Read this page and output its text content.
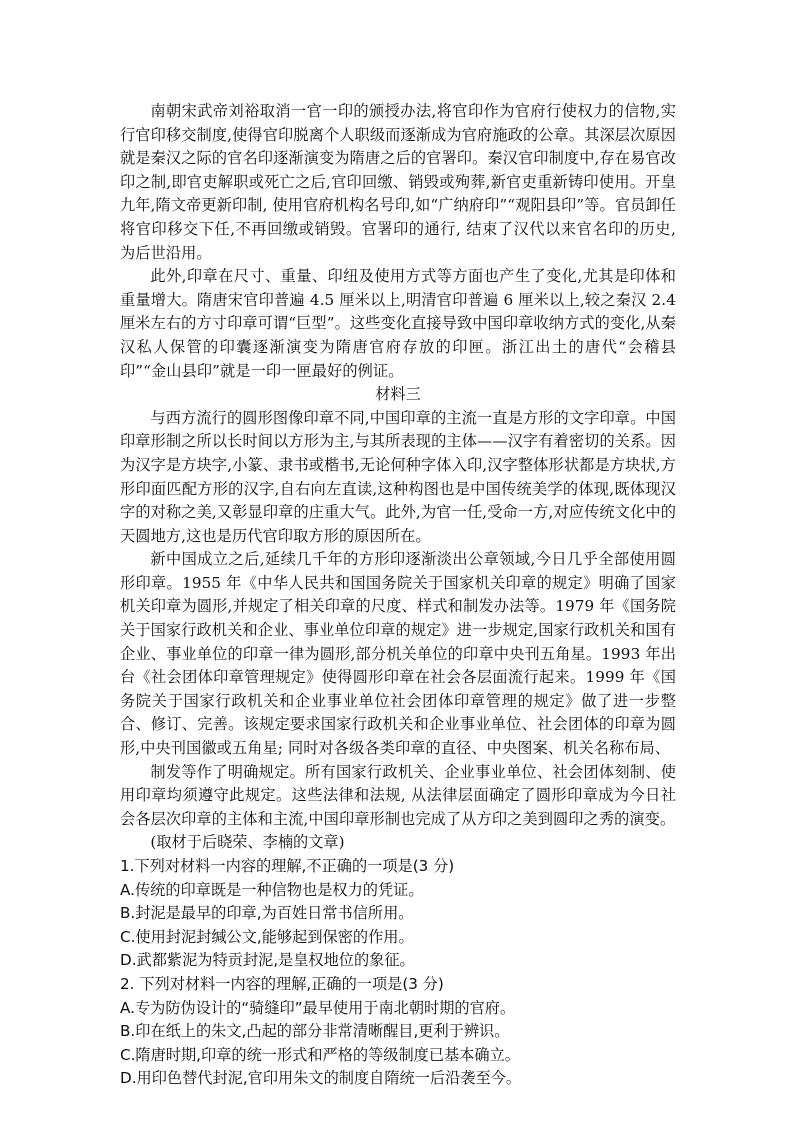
南朝宋武帝刘裕取消一官一印的颁授办法,将官印作为官府行使权力的信物,实行官印移交制度,使得官印脱离个人职级而逐渐成为官府施政的公章。其深层次原因就是秦汉之际的官名印逐渐演变为隋唐之后的官署印。秦汉官印制度中,存在易官改印之制,即官吏解职或死亡之后,官印回缴、销毁或殉葬,新官吏重新铸印使用。开皇九年,隋文帝更新印制, 使用官府机构名号印,如“广纳府印”“观阳县印”等。官员卸任将官印移交下任,不再回缴或销毁。官署印的通行, 结束了汉代以来官名印的历史, 为后世沿用。

此外,印章在尺寸、重量、印纽及使用方式等方面也产生了变化,尤其是印体和重量增大。隋唐宋官印普遍 4.5 厘米以上,明清官印普遍 6 厘米以上,较之秦汉 2.4 厘米左右的方寸印章可谓“巨型”。这些变化直接导致中国印章收纳方式的变化,从秦汉私人保管的印囊逐渐演变为隋唐官府存放的印匣。浙江出土的唐代“会稽县印”“金山县印”就是一印一匣最好的例证。

材料三

与西方流行的圆形图像印章不同,中国印章的主流一直是方形的文字印章。中国印章形制之所以长时间以方形为主,与其所表现的主体——汉字有着密切的关系。因为汉字是方块字,小篆、隶书或楷书,无论何种字体入印,汉字整体形状都是方块状,方形印面匹配方形的汉字,自右向左直读,这种构图也是中国传统美学的体现,既体现汉字的对称之美,又彰显印章的庄重大气。此外,为官一任,受命一方,对应传统文化中的天圆地方,这也是历代官印取方形的原因所在。

新中国成立之后,延续几千年的方形印逐渐淡出公章领域,今日几乎全部使用圆形印章。1955 年《中华人民共和国国务院关于国家机关印章的规定》明确了国家机关印章为圆形,并规定了相关印章的尺度、样式和制发办法等。1979 年《国务院关于国家行政机关和企业、事业单位印章的规定》进一步规定,国家行政机关和国有企业、事业单位的印章一律为圆形,部分机关单位的印章中央刊五角星。1993 年出台《社会团体印章管理规定》使得圆形印章在社会各层面流行起来。1999 年《国务院关于国家行政机关和企业事业单位社会团体印章管理的规定》做了进一步整合、修订、完善。该规定要求国家行政机关和企业事业单位、社会团体的印章为圆形,中央刊国徽或五角星; 同时对各级各类印章的直径、中央图案、机关名称布局、

制发等作了明确规定。所有国家行政机关、企业事业单位、社会团体刻制、使用印章均须遵守此规定。这些法律和法规, 从法律层面确定了圆形印章成为今日社会各层次印章的主体和主流,中国印章形制也完成了从方印之美到圆印之秀的演变。

(取材于后晓荣、李楠的文章)

1.下列对材料一内容的理解,不正确的一项是(3 分)

A.传统的印章既是一种信物也是权力的凭证。

B.封泥是最早的印章,为百姓日常书信所用。

C.使用封泥封缄公文,能够起到保密的作用。

D.武都紫泥为特贡封泥,是皇权地位的象征。

2. 下列对材料一内容的理解,正确的一项是(3 分)

A.专为防伪设计的“骑缝印”最早使用于南北朝时期的官府。

B.印在纸上的朱文,凸起的部分非常清晰醒目,更利于辨识。

C.隋唐时期,印章的统一形式和严格的等级制度已基本确立。

D.用印色替代封泥,官印用朱文的制度自隋统一后沿袭至今。
